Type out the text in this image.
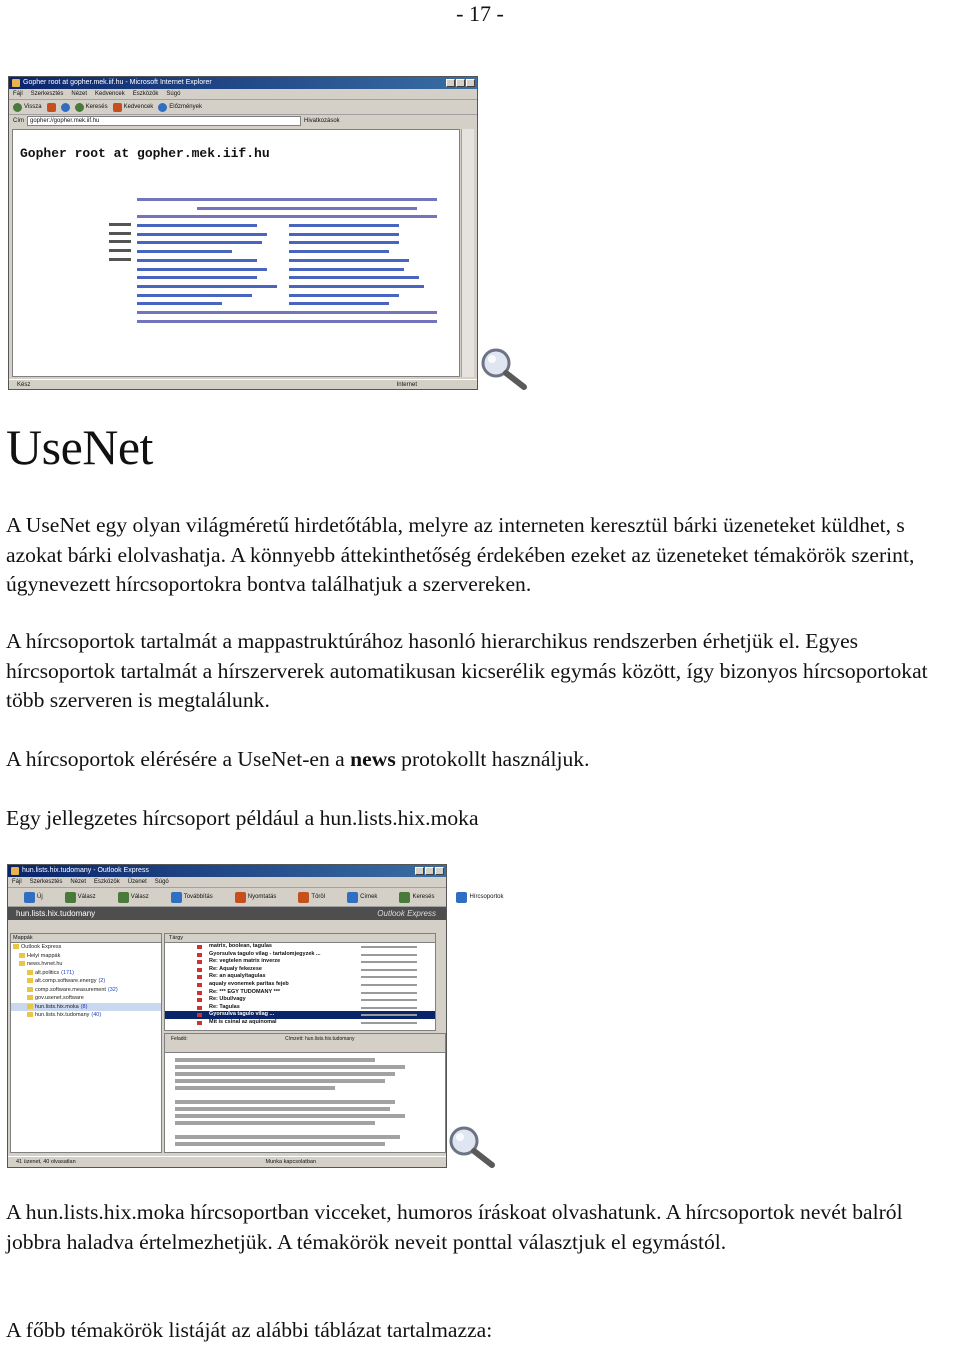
- 17 -
Gopher root at gopher.mek.iif.hu - Microsoft Internet Explorer
Fájl Szerkesztés Nézet Kedvencek Eszközök Súgó
Vissza	Keresés	Kedvencek	Előzmények
Cím	gopher://gopher.mek.iif.hu	Hivatkozások
Gopher root at gopher.mek.iif.hu
Kész	Internet
UseNet

A UseNet egy olyan világméretű hirdetőtábla, melyre az interneten keresztül bárki üzeneteket küldhet, s azokat bárki elolvashatja. A könnyebb áttekinthetőség érdekében ezeket az üzeneteket témakörök szerint, úgynevezett hírcsoportokra bontva találhatjuk a szervereken.

A hírcsoportok tartalmát a mappastruktúrához hasonló hierarchikus rendszerben érhetjük el. Egyes hírcsoportok tartalmát a hírszerverek automatikusan kicserélik egymás között, így bizonyos hírcsoportokat több szerveren is megtalálunk.

A hírcsoportok elérésére a UseNet-en a news protokollt használjuk.

Egy jellegzetes hírcsoport például a hun.lists.hix.moka

hun.lists.hix.tudomany - Outlook Express
Fájl Szerkesztés Nézet Eszközök Üzenet Súgó
Új	Válasz	Válasz	Továbbítás	Nyomtatás	Töröl	Címek	Keresés	Hírcsoportok
hun.lists.hix.tudomany	Outlook Express
Mappák
Outlook Express
Helyi mappák
news.hvnet.hu
alt.politics (171)
alt.comp.software.energy (2)
comp.software.measurement (32)
gov.usenet.software
hun.lists.hix.moka (8)
hun.lists.hix.tudomany (40)
Tárgy
matrix, boolean, tagulas
Gyorsulva tagulo vilag - tartalomjegyzek ...
Re: vegtelen matrix inverze
Re: Aqualy fekezese
Re: an aqualy/tagulas
aqualy evonemek paritas fejeb
Re: *** EGY TUDOMANY ***
Re: Ubul/vagy
Re: Tagulas
Gyorsulva tagulo vilag ...
Mit is csinal az aquinomal
Feladó:	Címzett: hun.lists.hix.tudomany
41 üzenet, 40 olvasatlan	Munka kapcsolatban

A hun.lists.hix.moka hírcsoportban vicceket, humoros íráskoat olvashatunk. A hírcsoportok nevét balról jobbra haladva értelmezhetjük. A témakörök neveit ponttal választjuk el egymástól.

A főbb témakörök listáját az alábbi táblázat tartalmazza:
